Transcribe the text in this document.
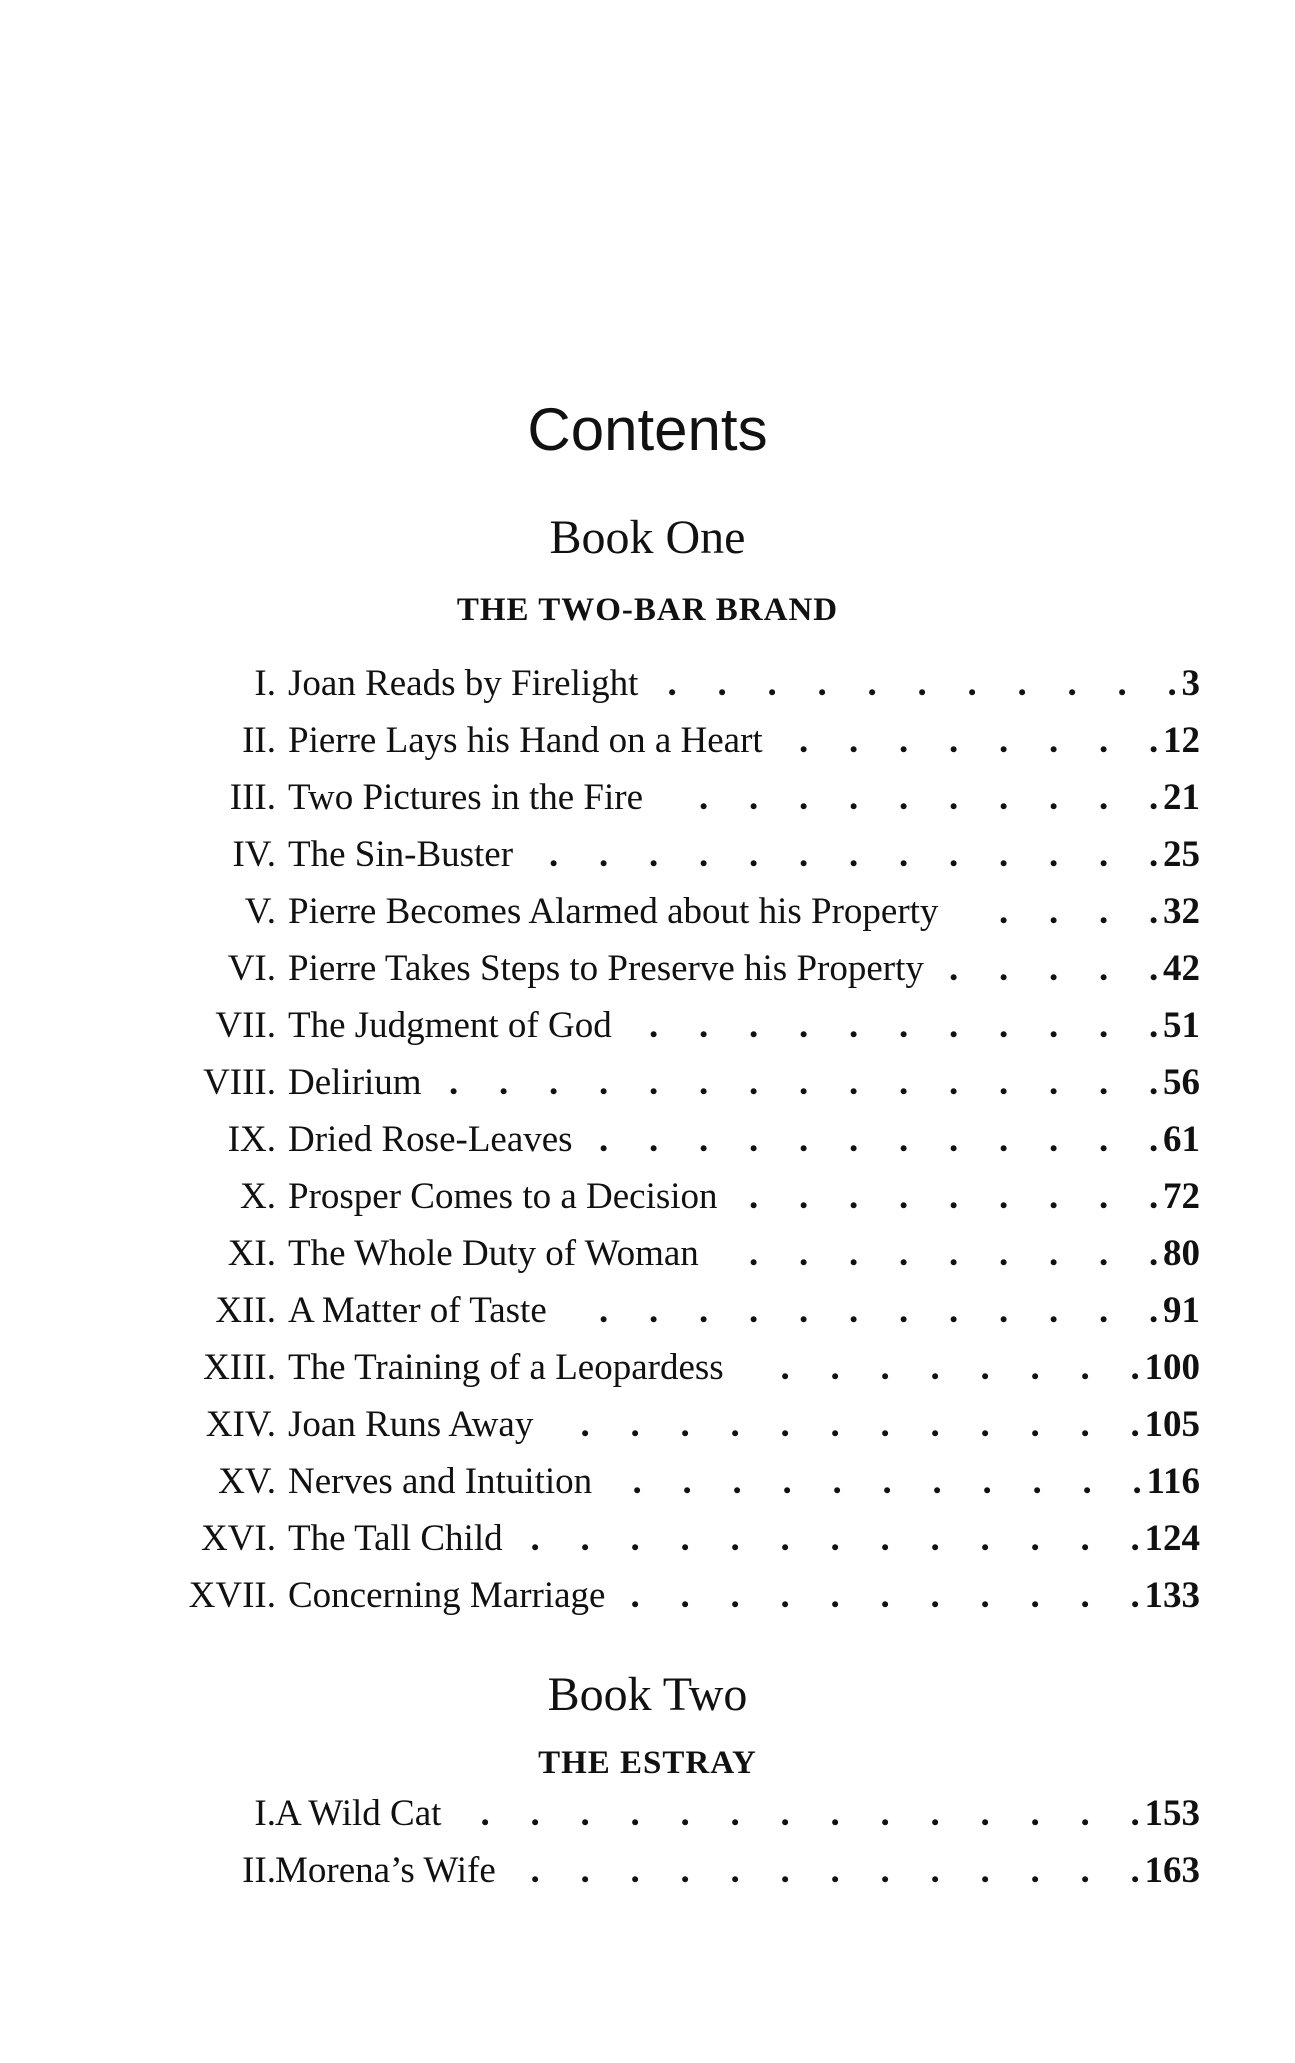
Contents
Book One
THE TWO-BAR BRAND
I. Joan Reads by Firelight	3
.
.
.
.
.
.
.
.
.
.
.
II. Pierre Lays his Hand on a Heart	12
.
.
.
.
.
.
.
.
III. Two Pictures in the Fire	21
.
.
.
.
.
.
.
.
.
.
IV. The Sin-Buster	25
.
.
.
.
.
.
.
.
.
.
.
.
.
V. Pierre Becomes Alarmed about his Property	32
.
.
.
.
VI. Pierre Takes Steps to Preserve his Property	42
.
.
.
.
.
VII. The Judgment of God	51
.
.
.
.
.
.
.
.
.
.
.
VIII. Delirium	56
.
.
.
.
.
.
.
.
.
.
.
.
.
.
.
IX. Dried Rose-Leaves	61
.
.
.
.
.
.
.
.
.
.
.
.
X. Prosper Comes to a Decision	72
.
.
.
.
.
.
.
.
.
XI. The Whole Duty of Woman	80
.
.
.
.
.
.
.
.
.
XII. A Matter of Taste	91
.
.
.
.
.
.
.
.
.
.
.
.
XIII. The Training of a Leopardess	100
.
.
.
.
.
.
.
.
XIV. Joan Runs Away	105
.
.
.
.
.
.
.
.
.
.
.
.
XV. Nerves and Intuition	116
.
.
.
.
.
.
.
.
.
.
.
XVI. The Tall Child	124
.
.
.
.
.
.
.
.
.
.
.
.
.
XVII. Concerning Marriage	133
.
.
.
.
.
.
.
.
.
.
.
Book Two
THE ESTRAY
I. A Wild Cat	153
.
.
.
.
.
.
.
.
.
.
.
.
.
.
II. Morena’s Wife	163
.
.
.
.
.
.
.
.
.
.
.
.
.
